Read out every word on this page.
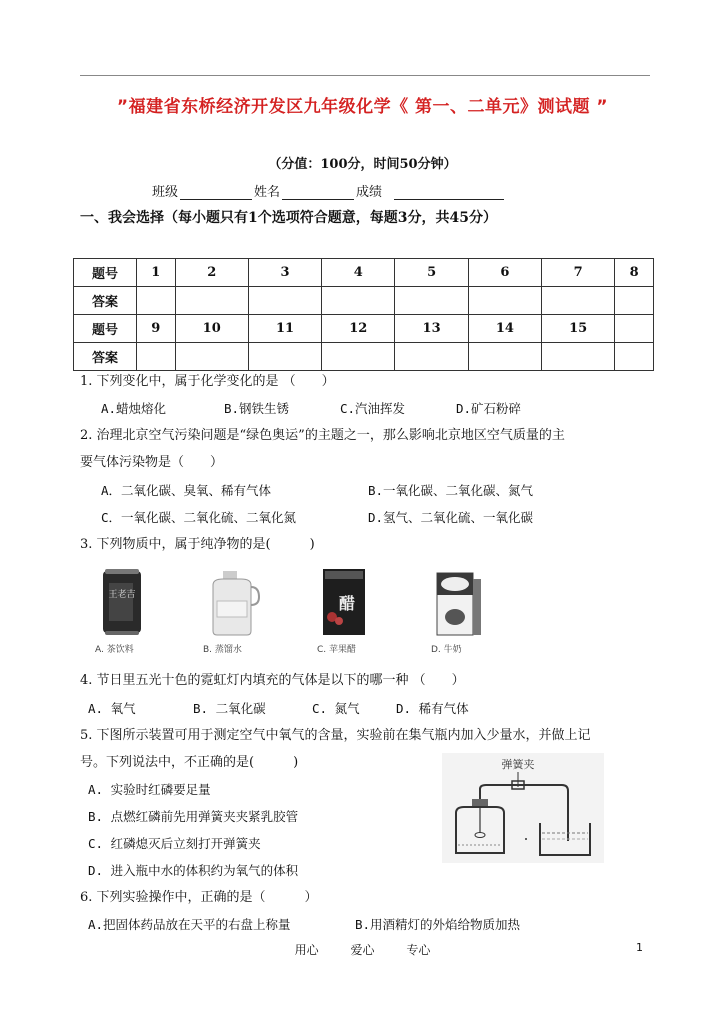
”福建省东桥经济开发区九年级化学《 第一、二单元》测试题 ”
（分值：100分，时间50分钟）
班级	姓名	成绩
一、我会选择（每小题只有1个选项符合题意，每题3分，共45分）
题号	1	2	3	4	5	6	7	8
答案								
题号	9	10	11	12	13	14	15	
答案								
1. 下列变化中，属于化学变化的是 （　　）
A.蜡烛熔化	B.钢铁生锈	C.汽油挥发	D.矿石粉碎
2. 治理北京空气污染问题是“绿色奥运”的主题之一，那么影响北京地区空气质量的主
要气体污染物是（　　）
A．二氧化碳、臭氧、稀有气体	B.一氧化碳、二氧化碳、氮气
C．一氧化碳、二氧化硫、二氧化氮	D.氢气、二氧化硫、一氧化碳
3. 下列物质中，属于纯净物的是(　　　)
王老吉
A. 茶饮料	B. 蒸馏水
醋
C. 苹果醋	D. 牛奶
4. 节日里五光十色的霓虹灯内填充的气体是以下的哪一种 （　　）
A. 氧气	B. 二氧化碳	C. 氮气	D. 稀有气体
5. 下图所示装置可用于测定空气中氧气的含量，实验前在集气瓶内加入少量水，并做上记
号。下列说法中，不正确的是(　　　)
A. 实验时红磷要足量
B. 点燃红磷前先用弹簧夹夹紧乳胶管
C. 红磷熄灭后立刻打开弹簧夹
D. 进入瓶中水的体积约为氧气的体积
弹簧夹
6. 下列实验操作中，正确的是（　　　）
A.把固体药品放在天平的右盘上称量	B.用酒精灯的外焰给物质加热
用心	爱心	专心	1
